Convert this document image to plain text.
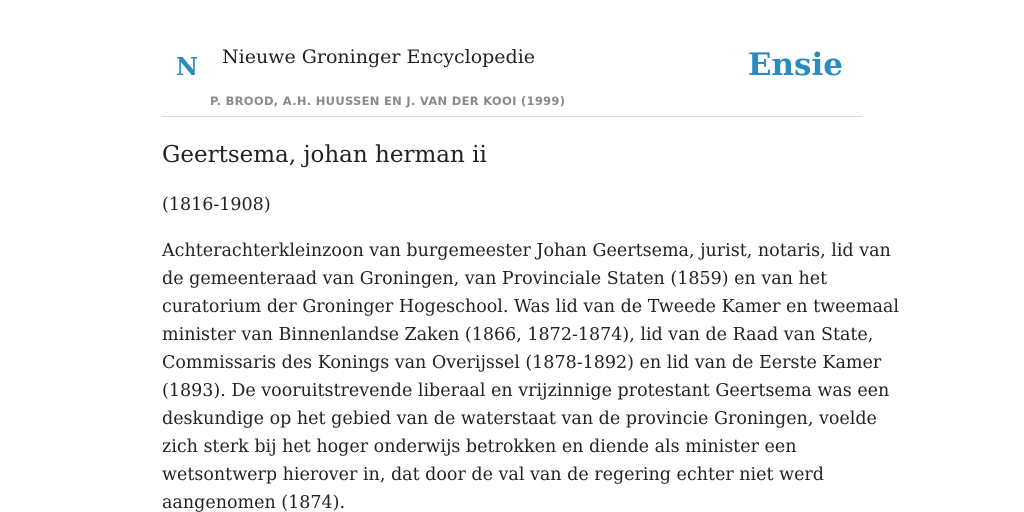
N Nieuwe Groninger Encyclopedie
P. BROOD, A.H. HUUSSEN EN J. VAN DER KOOI (1999)
Ensie
Geertsema, johan herman ii

(1816-1908)

Achterachterkleinzoon van burgemeester Johan Geertsema, jurist, notaris, lid van
de gemeenteraad van Groningen, van Provinciale Staten (1859) en van het
curatorium der Groninger Hogeschool. Was lid van de Tweede Kamer en tweemaal
minister van Binnenlandse Zaken (1866, 1872-1874), lid van de Raad van State,
Commissaris des Konings van Overijssel (1878-1892) en lid van de Eerste Kamer
(1893). De vooruitstrevende liberaal en vrijzinnige protestant Geertsema was een
deskundige op het gebied van de waterstaat van de provincie Groningen, voelde
zich sterk bij het hoger onderwijs betrokken en diende als minister een
wetsontwerp hierover in, dat door de val van de regering echter niet werd
aangenomen (1874).
